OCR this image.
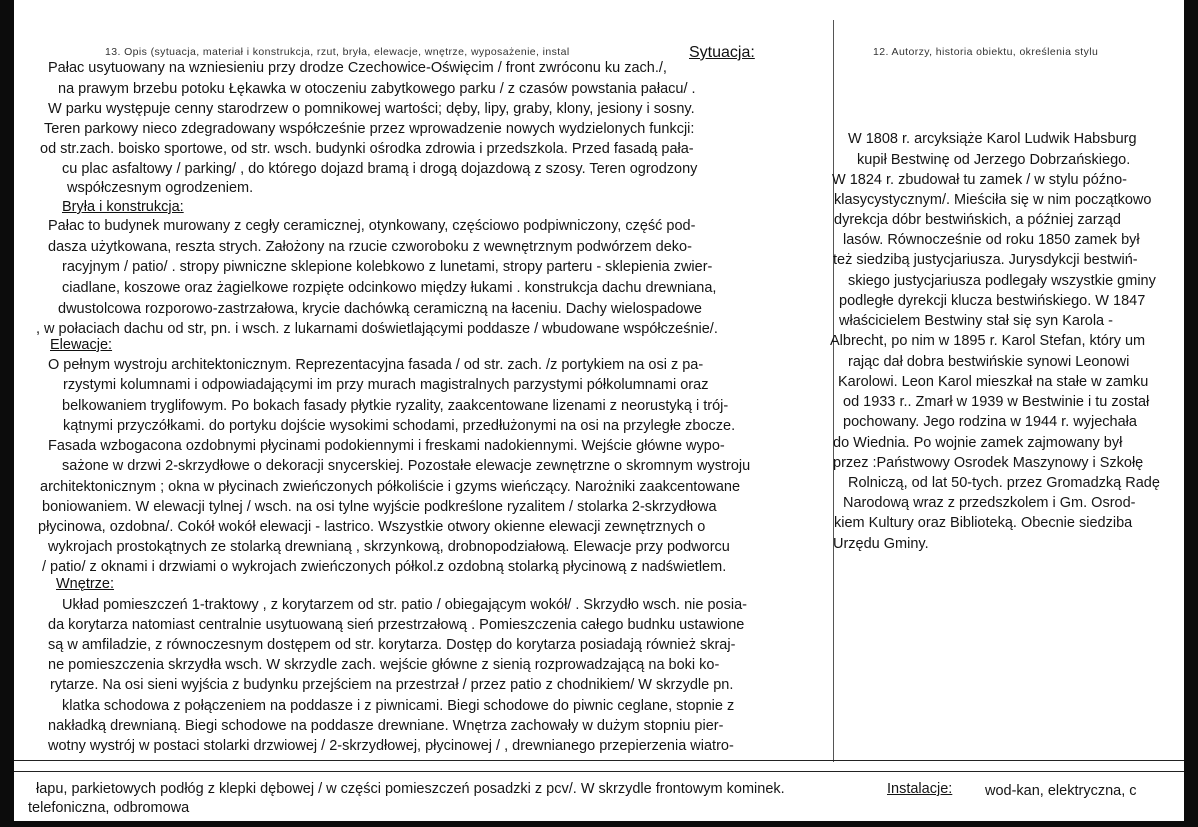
13. Opis (sytuacja, materiał i konstrukcja, rzut, bryła, elewacje, wnętrze, wyposażenie, instal	12. Autorzy, historia obiektu, określenia stylu
Sytuacja:
Pałac usytuowany na wzniesieniu przy drodze Czechowice-Oświęcim / front zwróconu ku zach./,
na prawym brzebu potoku Łękawka w otoczeniu zabytkowego parku / z czasów powstania pałacu/ .
W parku występuje cenny starodrzew o pomnikowej wartości; dęby, lipy, graby, klony, jesiony i sosny.
Teren parkowy nieco zdegradowany współcześnie przez wprowadzenie nowych wydzielonych funkcji:
od str.zach. boisko sportowe, od str. wsch. budynki ośrodka zdrowia i przedszkola. Przed fasadą pała-
cu plac asfaltowy / parking/ , do którego dojazd bramą i drogą dojazdową z szosy. Teren ogrodzony
współczesnym ogrodzeniem.
Bryła i konstrukcja:
Pałac to budynek murowany z cegły ceramicznej, otynkowany, częściowo podpiwniczony, część pod-
dasza użytkowana, reszta strych. Założony na rzucie czworoboku z wewnętrznym podwórzem deko-
racyjnym / patio/ . stropy piwniczne sklepione kolebkowo z lunetami, stropy parteru - sklepienia zwier-
ciadlane, koszowe oraz żagielkowe rozpięte odcinkowo między łukami . konstrukcja dachu drewniana,
dwustolcowa rozporowo-zastrzałowa, krycie dachówką ceramiczną na łaceniu. Dachy wielospadowe
, w połaciach dachu od str, pn. i wsch. z lukarnami doświetlającymi poddasze / wbudowane współcześnie/.
Elewacje:
O pełnym wystroju architektonicznym. Reprezentacyjna fasada / od str. zach. /z portykiem na osi z pa-
rzystymi kolumnami i odpowiadającymi im przy murach magistralnych parzystymi półkolumnami oraz
belkowaniem tryglifowym. Po bokach fasady płytkie ryzality, zaakcentowane lizenami z neorustyką i trój-
kątnymi przyczółkami. do portyku dojście wysokimi schodami, przedłużonymi na osi na przyległe zbocze.
Fasada wzbogacona ozdobnymi płycinami podokiennymi i freskami nadokiennymi. Wejście główne wypo-
sażone w drzwi 2-skrzydłowe o dekoracji snycerskiej. Pozostałe elewacje zewnętrzne o skromnym wystroju
architektonicznym ; okna w płycinach zwieńczonych półkoliście i gzyms wieńczący. Narożniki zaakcentowane
boniowaniem. W elewacji tylnej / wsch. na osi tylne wyjście podkreślone ryzalitem / stolarka 2-skrzydłowa
płycinowa, ozdobna/. Cokół wokół elewacji - lastrico. Wszystkie otwory okienne elewacji zewnętrznych o
wykrojach prostokątnych ze stolarką drewnianą , skrzynkową, drobnopodziałową. Elewacje przy podworcu
/ patio/ z oknami i drzwiami o wykrojach zwieńczonych półkol.z ozdobną stolarką płycinową z nadświetlem.
Wnętrze:
Układ pomieszczeń 1-traktowy , z korytarzem od str. patio / obiegającym wokół/ . Skrzydło wsch. nie posia-
da korytarza natomiast centralnie usytuowaną sień przestrzałową . Pomieszczenia całego budnku ustawione
są w amfiladzie, z równoczesnym dostępem od str. korytarza. Dostęp do korytarza posiadają również skraj-
ne pomieszczenia skrzydła wsch. W skrzydle zach. wejście główne z sienią rozprowadzającą na boki ko-
rytarze. Na osi sieni wyjścia z budynku przejściem na przestrzał / przez patio z chodnikiem/ W skrzydle pn.
klatka schodowa z połączeniem na poddasze i z piwnicami. Biegi schodowe do piwnic ceglane, stopnie z
nakładką drewnianą. Biegi schodowe na poddasze drewniane. Wnętrza zachowały w dużym stopniu pier-
wotny wystrój w postaci stolarki drzwiowej / 2-skrzydłowej, płycinowej / , drewnianego przepierzenia wiatro-
W 1808 r. arcyksiąże Karol Ludwik Habsburg
kupił Bestwinę od Jerzego Dobrzańskiego.
W 1824 r. zbudował tu zamek / w stylu późno-
klasycystycznym/. Mieściła się w nim początkowo
dyrekcja dóbr bestwińskich, a później zarząd
lasów. Równocześnie od roku 1850 zamek był
też siedzibą justycjariusza. Jurysdykcji bestwiń-
skiego justycjariusza podlegały wszystkie gminy
podległe dyrekcji klucza bestwińskiego. W 1847
właścicielem Bestwiny stał się syn Karola -
Albrecht, po nim w 1895 r. Karol Stefan, który um
rając dał dobra bestwińskie synowi Leonowi
Karolowi. Leon Karol mieszkał na stałe w zamku
od 1933 r.. Zmarł w 1939 w Bestwinie i tu został
pochowany. Jego rodzina w 1944 r. wyjechała
do Wiednia. Po wojnie zamek zajmowany był
przez :Państwowy Osrodek Maszynowy i Szkołę
Rolniczą, od lat 50-tych. przez Gromadzką Radę
Narodową wraz z przedszkolem i Gm. Osrod-
kiem Kultury oraz Biblioteką. Obecnie siedziba
Urzędu Gminy.
łapu, parkietowych podłóg z klepki dębowej / w części pomieszczeń posadzki z pcv/. W skrzydle frontowym kominek.	Instalacje: wod-kan, elektryczna, c
telefoniczna, odbromowa
